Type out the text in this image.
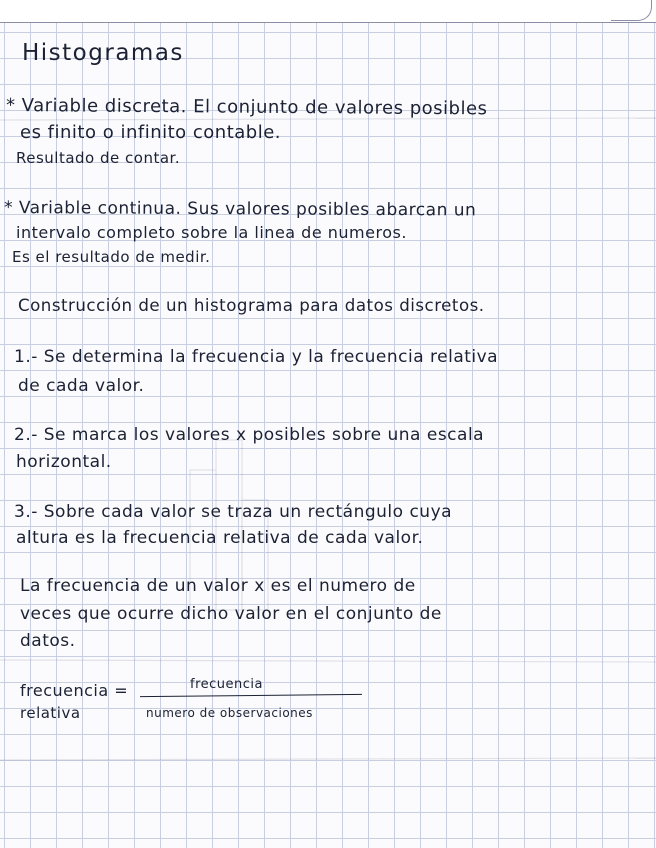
Histogramas

* Variable discreta. El conjunto de valores posibles

es finito o infinito contable.

Resultado de contar.

* Variable continua. Sus valores posibles abarcan un

intervalo completo sobre la linea de numeros.

Es el resultado de medir.

Construcción de un histograma para datos discretos.

1.- Se determina la frecuencia y la frecuencia relativa

de cada valor.

2.- Se marca los valores x posibles sobre una escala

horizontal.

3.- Sobre cada valor se traza un rectángulo cuya

altura es la frecuencia relativa de cada valor.

La frecuencia de un valor x es el numero de

veces que ocurre dicho valor en el conjunto de

datos.

frecuencia =

relativa

frecuencia

numero de observaciones
